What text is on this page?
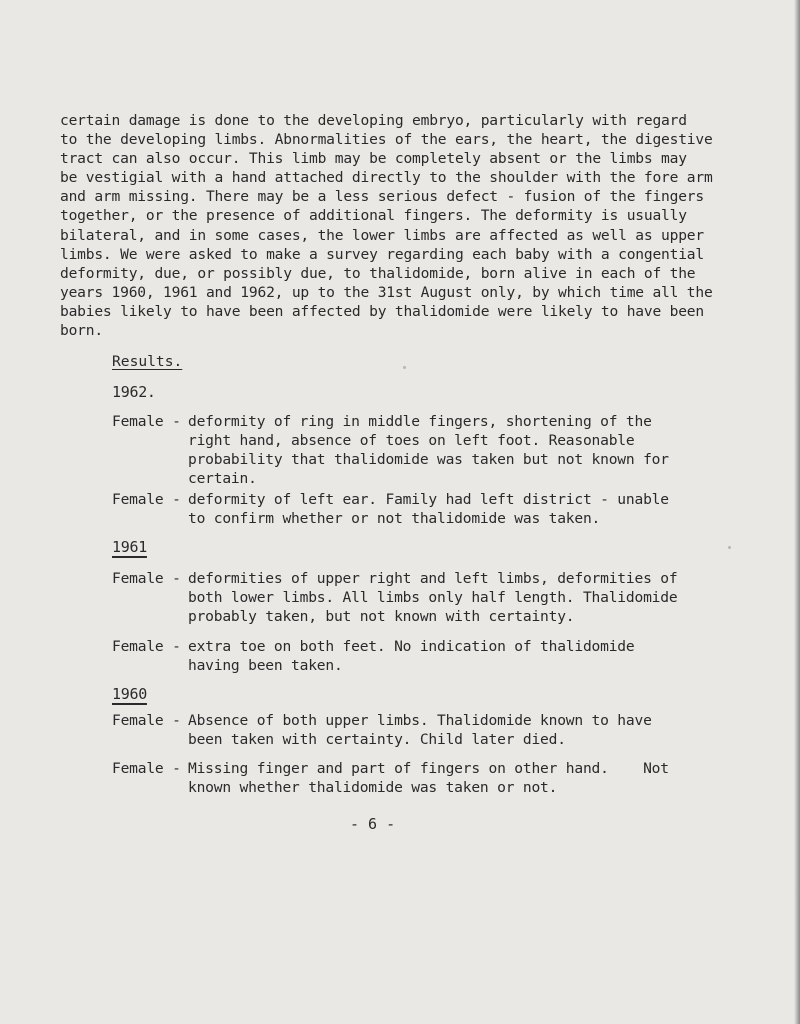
certain damage is done to the developing embryo, particularly with regard
to the developing limbs. Abnormalities of the ears, the heart, the digestive
tract can also occur. This limb may be completely absent or the limbs may
be vestigial with a hand attached directly to the shoulder with the fore arm
and arm missing. There may be a less serious defect - fusion of the fingers
together, or the presence of additional fingers. The deformity is usually
bilateral, and in some cases, the lower limbs are affected as well as upper
limbs. We were asked to make a survey regarding each baby with a congential
deformity, due, or possibly due, to thalidomide, born alive in each of the
years 1960, 1961 and 1962, up to the 31st August only, by which time all the
babies likely to have been affected by thalidomide were likely to have been
born.
Results.
1962.
Female - deformity of ring in middle fingers, shortening of the
right hand, absence of toes on left foot. Reasonable
probability that thalidomide was taken but not known for
certain.
Female - deformity of left ear. Family had left district - unable
to confirm whether or not thalidomide was taken.
1961
Female - deformities of upper right and left limbs, deformities of
both lower limbs. All limbs only half length. Thalidomide
probably taken, but not known with certainty.
Female - extra toe on both feet. No indication of thalidomide
having been taken.
1960
Female - Absence of both upper limbs. Thalidomide known to have
been taken with certainty. Child later died.
Female - Missing finger and part of fingers on other hand.    Not
known whether thalidomide was taken or not.
- 6 -
